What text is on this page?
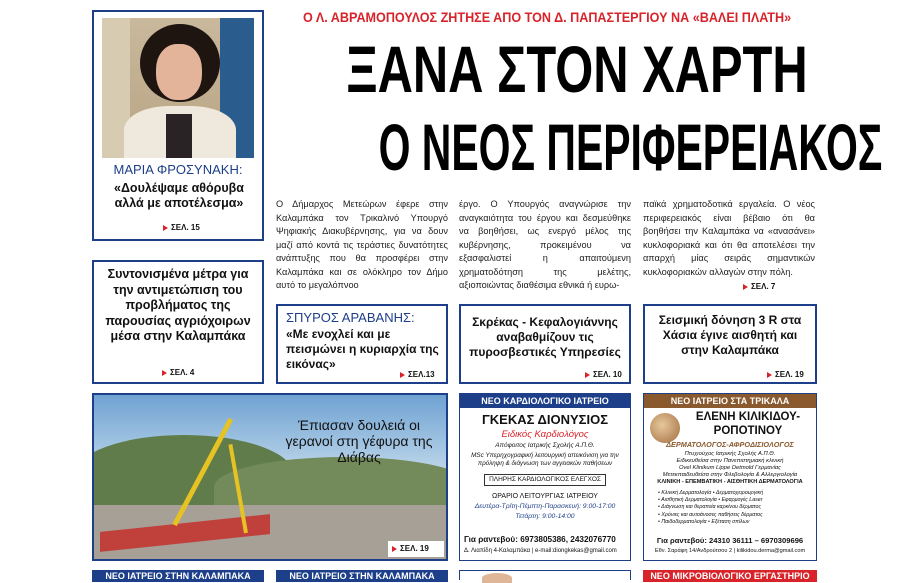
Ο Λ. ΑΒΡΑΜΟΠΟΥΛΟΣ ΖΗΤΗΣΕ ΑΠΟ ΤΟΝ Δ. ΠΑΠΑΣΤΕΡΓΙΟΥ ΝΑ «ΒΑΛΕΙ ΠΛΑΤΗ»
ΞΑΝΑ ΣΤΟΝ ΧΑΡΤΗ
Ο ΝΕΟΣ ΠΕΡΙΦΕΡΕΙΑΚΟΣ
Ο Δήμαρχος Μετεώρων έφερε στην Καλαμπάκα τον Τρικαλινό Υπουργό Ψηφιακής Διακυβέρνησης, για να δουν μαζί από κοντά τις τεράστιες δυνατότητες ανάπτυξης που θα προσφέρει στην Καλαμπάκα και σε ολόκληρο τον Δήμο αυτό το μεγαλόπνοο
έργο. Ο Υπουργός αναγνώρισε την αναγκαιότητα του έργου και δεσμεύθηκε να βοηθήσει, ως ενεργό μέλος της κυβέρνησης, προκειμένου να εξασφαλιστεί η απαιτούμενη χρηματοδότηση της μελέτης, αξιοποιώντας διαθέσιμα εθνικά ή ευρω-
παϊκά χρηματοδοτικά εργαλεία. Ο νέος περιφερειακός είναι βέβαιο ότι θα βοηθήσει την Καλαμπάκα να «ανασάνει» κυκλοφοριακά και ότι θα αποτελέσει την απαρχή μίας σειράς σημαντικών κυκλοφοριακών αλλαγών στην πόλη.
ΣΕΛ. 7
ΜΑΡΙΑ ΦΡΟΣΥΝΑΚΗ:
«Δουλέψαμε αθόρυβα αλλά με αποτέλεσμα»
ΣΕΛ. 15
Συντονισμένα μέτρα για την αντιμετώπιση του προβλήματος της παρουσίας αγριόχοιρων μέσα στην Καλαμπάκα
ΣΕΛ. 4
ΣΠΥΡΟΣ ΑΡΑΒΑΝΗΣ:
«Με ενοχλεί και με πεισμώνει η κυριαρχία της εικόνας»
ΣΕΛ.13
Σκρέκας - Κεφαλογιάννης αναβαθμίζουν τις πυροσβεστικές Υπηρεσίες
ΣΕΛ. 10
Σεισμική δόνηση 3 R στα Χάσια έγινε αισθητή και στην Καλαμπάκα
ΣΕΛ. 19
Έπιασαν δουλειά οι γερανοί στη γέφυρα της Διάβας
ΣΕΛ. 19
ΝΕΟ ΚΑΡΔΙΟΛΟΓΙΚΟ ΙΑΤΡΕΙΟ
ΓΚΕΚΑΣ ΔΙΟΝΥΣΙΟΣ
Ειδικός Καρδιολόγος
Απόφοιτος Ιατρικής Σχολής Α.Π.Θ.
MSc Υπερηχογραφική λειτουργική απεικόνιση για την πρόληψη & διάγνωση των αγγειακών παθήσεων
ΠΛΗΡΗΣ ΚΑΡΔΙΟΛΟΓΙΚΟΣ ΕΛΕΓΧΟΣ
ΩΡΑΡΙΟ ΛΕΙΤΟΥΡΓΙΑΣ ΙΑΤΡΕΙΟΥ
Δευτέρα-Τρίτη-Πέμπτη-Παρασκευή: 9:00-17:00
Τετάρτη: 9:00-14:00
Για ραντεβού: 6973805386, 2432076770
Δ. Λιαπίδη 4-Καλαμπάκα | e-mail:diongkekas@gmail.com
ΝΕΟ ΙΑΤΡΕΙΟ ΣΤΑ ΤΡΙΚΑΛΑ
ΕΛΕΝΗ ΚΙΛΙΚΙΔΟΥ-
ΡΟΠΟΤΙΝΟΥ
ΔΕΡΜΑΤΟΛΟΓΟΣ-ΑΦΡΟΔΙΣΙΟΛΟΓΟΣ
Πτυχιούχος Ιατρικής Σχολής Α.Π.Θ.
Ειδικευθείσα στην Πανεπιστημιακή κλινική
Ovel Klinikum Lippe Detmold Γερμανίας
Μετεκπαιδευθείσα στην Φλεβολογία & Αλλεργιολογία
ΚΛΙΝΙΚΗ - ΕΠΕΜΒΑΤΙΚΗ - ΑΙΣΘΗΤΙΚΗ ΔΕΡΜΑΤΟΛΟΓΙΑ
• Κλινική Δερματολογία • Δερματοχειρουργική
• Αισθητική Δερματολογία • Εφαρμογές Laser
• Διάγνωση και θεραπεία καρκίνου δέρματος
• Χρόνιες και αυτοάνοσες παθήσεις δέρματος
• Παιδοδερματολογία • Εξέταση σπίλων
Για ραντεβού: 24310 36111 – 6970309696
Εθν. Σαράφη 14/Ανδρούτσου 2 | kilikidou.derma@gmail.com
ΝΕΟ ΙΑΤΡΕΙΟ ΣΤΗΝ ΚΑΛΑΜΠΑΚΑ	ΝΕΟ ΙΑΤΡΕΙΟ ΣΤΗΝ ΚΑΛΑΜΠΑΚΑ	ΝΕΟ ΜΙΚΡΟΒΙΟΛΟΓΙΚΟ ΕΡΓΑΣΤΗΡΙΟ
